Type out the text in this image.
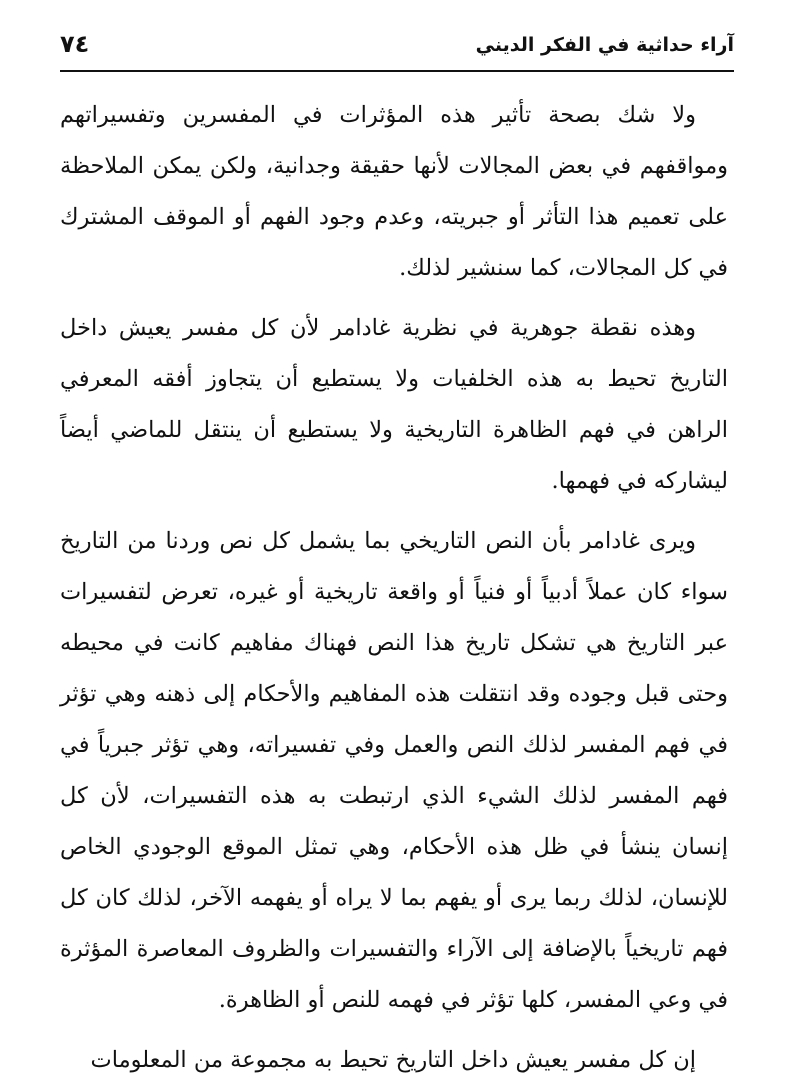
آراء حداثية في الفكر الديني
٧٤

ولا شك بصحة تأثير هذه المؤثرات في المفسرين وتفسيراتهم ومواقفهم في بعض المجالات لأنها حقيقة وجدانية، ولكن يمكن الملاحظة على تعميم هذا التأثر أو جبريته، وعدم وجود الفهم أو الموقف المشترك في كل المجالات، كما سنشير لذلك.

وهذه نقطة جوهرية في نظرية غادامر لأن كل مفسر يعيش داخل التاريخ تحيط به هذه الخلفيات ولا يستطيع أن يتجاوز أفقه المعرفي الراهن في فهم الظاهرة التاريخية ولا يستطيع أن ينتقل للماضي أيضاً ليشاركه في فهمها.

ويرى غادامر بأن النص التاريخي بما يشمل كل نص وردنا من التاريخ سواء كان عملاً أدبياً أو فنياً أو واقعة تاريخية أو غيره، تعرض لتفسيرات عبر التاريخ هي تشكل تاريخ هذا النص فهناك مفاهيم كانت في محيطه وحتى قبل وجوده وقد انتقلت هذه المفاهيم والأحكام إلى ذهنه وهي تؤثر في فهم المفسر لذلك النص والعمل وفي تفسيراته، وهي تؤثر جبرياً في فهم المفسر لذلك الشيء الذي ارتبطت به هذه التفسيرات، لأن كل إنسان ينشأ في ظل هذه الأحكام، وهي تمثل الموقع الوجودي الخاص للإنسان، لذلك ربما يرى أو يفهم بما لا يراه أو يفهمه الآخر، لذلك كان كل فهم تاريخياً بالإضافة إلى الآراء والتفسيرات والظروف المعاصرة المؤثرة في وعي المفسر، كلها تؤثر في فهمه للنص أو الظاهرة.

إن كل مفسر يعيش داخل التاريخ تحيط به مجموعة من المعلومات
